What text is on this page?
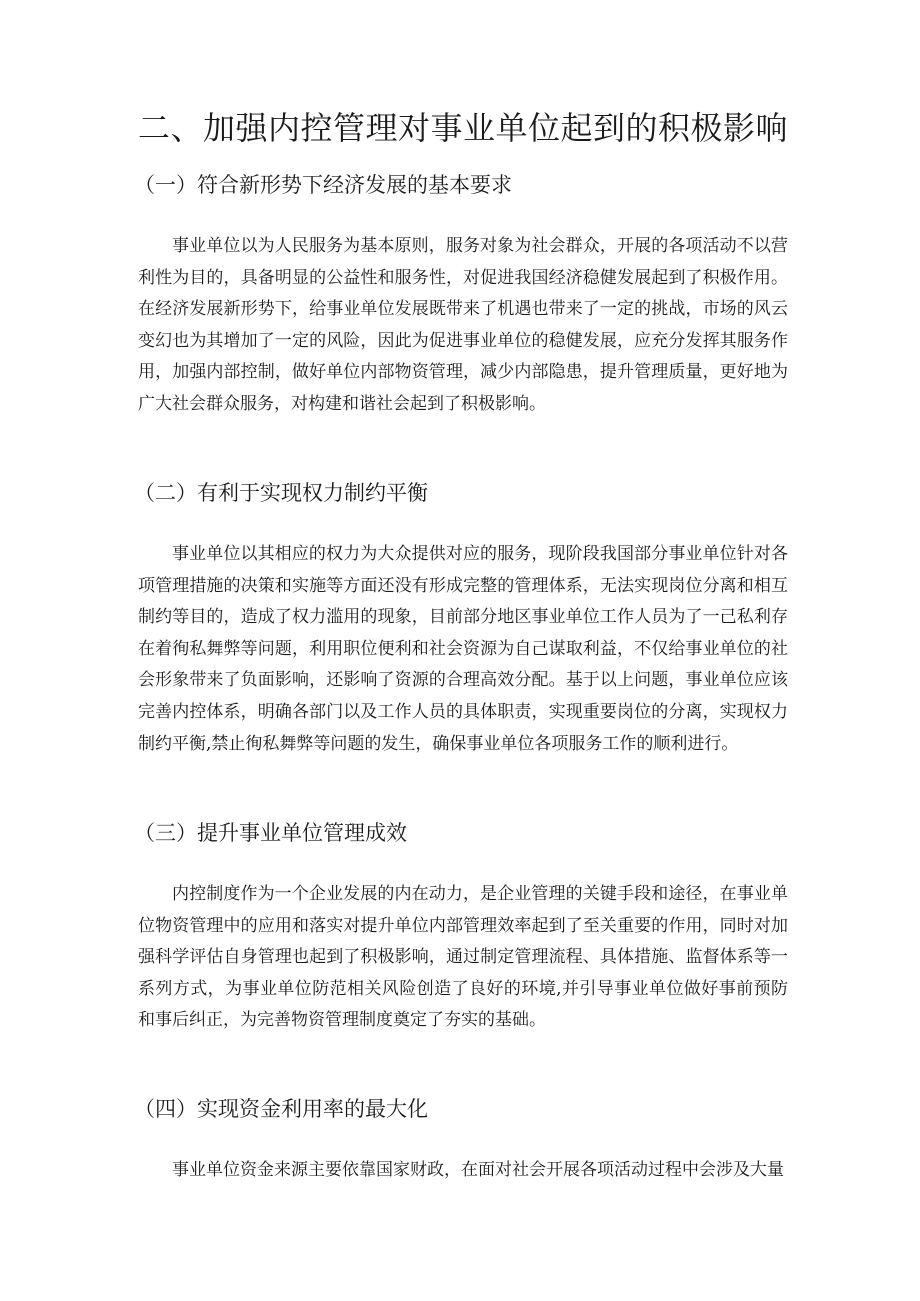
二、加强内控管理对事业单位起到的积极影响
（一）符合新形势下经济发展的基本要求

事业单位以为人民服务为基本原则，服务对象为社会群众，开展的各项活动不以营利性为目的，具备明显的公益性和服务性，对促进我国经济稳健发展起到了积极作用。在经济发展新形势下，给事业单位发展既带来了机遇也带来了一定的挑战，市场的风云变幻也为其增加了一定的风险，因此为促进事业单位的稳健发展，应充分发挥其服务作用，加强内部控制，做好单位内部物资管理，减少内部隐患，提升管理质量，更好地为广大社会群众服务，对构建和谐社会起到了积极影响。

（二）有利于实现权力制约平衡

事业单位以其相应的权力为大众提供对应的服务，现阶段我国部分事业单位针对各项管理措施的决策和实施等方面还没有形成完整的管理体系，无法实现岗位分离和相互制约等目的，造成了权力滥用的现象，目前部分地区事业单位工作人员为了一己私利存在着徇私舞弊等问题，利用职位便利和社会资源为自己谋取利益，不仅给事业单位的社会形象带来了负面影响，还影响了资源的合理高效分配。基于以上问题，事业单位应该完善内控体系，明确各部门以及工作人员的具体职责，实现重要岗位的分离，实现权力制约平衡,禁止徇私舞弊等问题的发生，确保事业单位各项服务工作的顺利进行。

（三）提升事业单位管理成效

内控制度作为一个企业发展的内在动力，是企业管理的关键手段和途径，在事业单位物资管理中的应用和落实对提升单位内部管理效率起到了至关重要的作用，同时对加强科学评估自身管理也起到了积极影响，通过制定管理流程、具体措施、监督体系等一系列方式，为事业单位防范相关风险创造了良好的环境,并引导事业单位做好事前预防和事后纠正，为完善物资管理制度奠定了夯实的基础。

（四）实现资金利用率的最大化

事业单位资金来源主要依靠国家财政，在面对社会开展各项活动过程中会涉及大量
